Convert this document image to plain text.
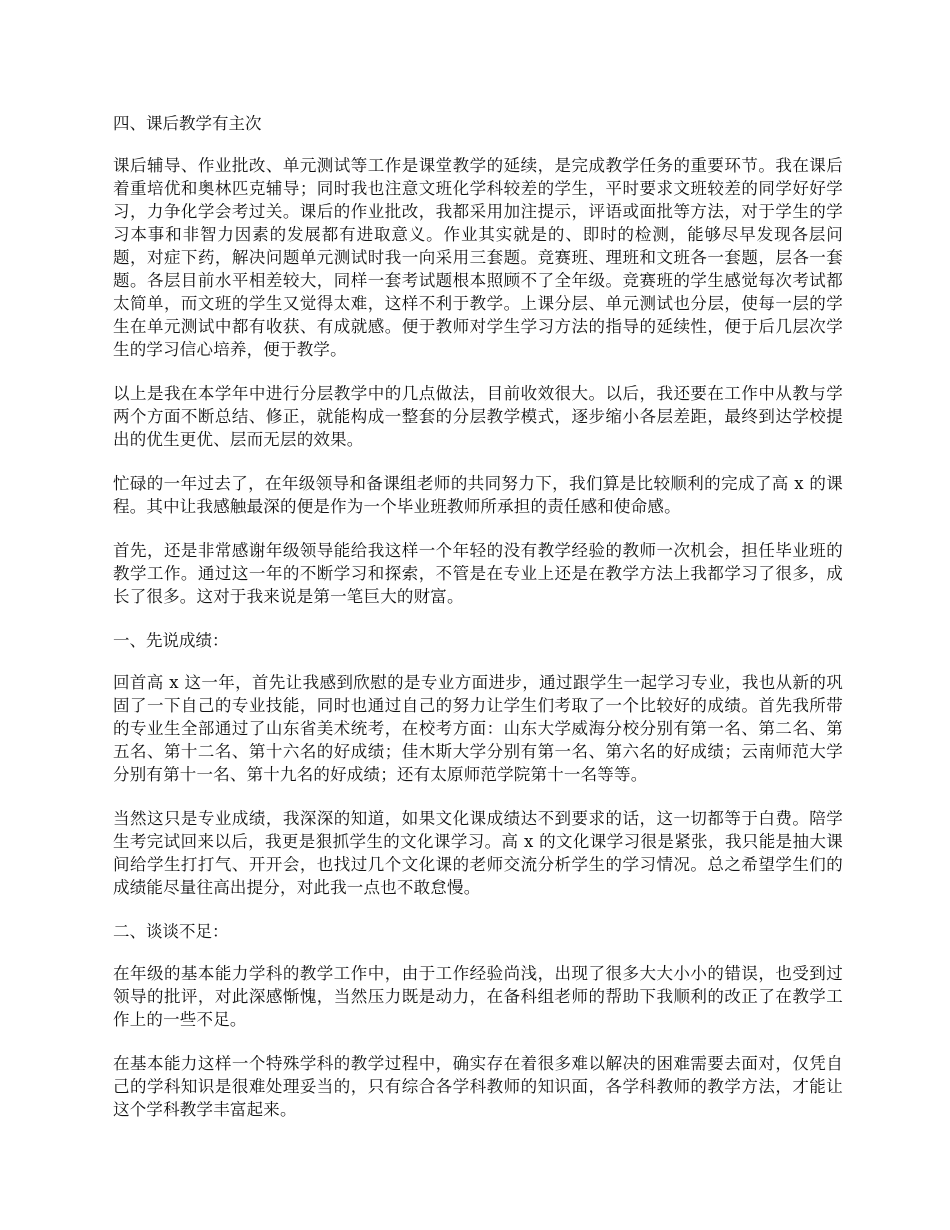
四、课后教学有主次

课后辅导、作业批改、单元测试等工作是课堂教学的延续，是完成教学任务的重要环节。我在课后着重培优和奥林匹克辅导；同时我也注意文班化学科较差的学生，平时要求文班较差的同学好好学习，力争化学会考过关。课后的作业批改，我都采用加注提示，评语或面批等方法，对于学生的学习本事和非智力因素的发展都有进取意义。作业其实就是的、即时的检测，能够尽早发现各层问题，对症下药，解决问题单元测试时我一向采用三套题。竞赛班、理班和文班各一套题，层各一套题。各层目前水平相差较大，同样一套考试题根本照顾不了全年级。竞赛班的学生感觉每次考试都太简单，而文班的学生又觉得太难，这样不利于教学。上课分层、单元测试也分层，使每一层的学生在单元测试中都有收获、有成就感。便于教师对学生学习方法的指导的延续性，便于后几层次学生的学习信心培养，便于教学。

以上是我在本学年中进行分层教学中的几点做法，目前收效很大。以后，我还要在工作中从教与学两个方面不断总结、修正，就能构成一整套的分层教学模式，逐步缩小各层差距，最终到达学校提出的优生更优、层而无层的效果。

忙碌的一年过去了，在年级领导和备课组老师的共同努力下，我们算是比较顺利的完成了高 x 的课程。其中让我感触最深的便是作为一个毕业班教师所承担的责任感和使命感。

首先，还是非常感谢年级领导能给我这样一个年轻的没有教学经验的教师一次机会，担任毕业班的教学工作。通过这一年的不断学习和探索，不管是在专业上还是在教学方法上我都学习了很多，成长了很多。这对于我来说是第一笔巨大的财富。

一、先说成绩：

回首高 x 这一年，首先让我感到欣慰的是专业方面进步，通过跟学生一起学习专业，我也从新的巩固了一下自己的专业技能，同时也通过自己的努力让学生们考取了一个比较好的成绩。首先我所带的专业生全部通过了山东省美术统考，在校考方面：山东大学威海分校分别有第一名、第二名、第五名、第十二名、第十六名的好成绩；佳木斯大学分别有第一名、第六名的好成绩；云南师范大学分别有第十一名、第十九名的好成绩；还有太原师范学院第十一名等等。

当然这只是专业成绩，我深深的知道，如果文化课成绩达不到要求的话，这一切都等于白费。陪学生考完试回来以后，我更是狠抓学生的文化课学习。高 x 的文化课学习很是紧张，我只能是抽大课间给学生打打气、开开会，也找过几个文化课的老师交流分析学生的学习情况。总之希望学生们的成绩能尽量往高出提分，对此我一点也不敢怠慢。

二、谈谈不足：

在年级的基本能力学科的教学工作中，由于工作经验尚浅，出现了很多大大小小的错误，也受到过领导的批评，对此深感惭愧，当然压力既是动力，在备科组老师的帮助下我顺利的改正了在教学工作上的一些不足。

在基本能力这样一个特殊学科的教学过程中，确实存在着很多难以解决的困难需要去面对，仅凭自己的学科知识是很难处理妥当的，只有综合各学科教师的知识面，各学科教师的教学方法，才能让这个学科教学丰富起来。
